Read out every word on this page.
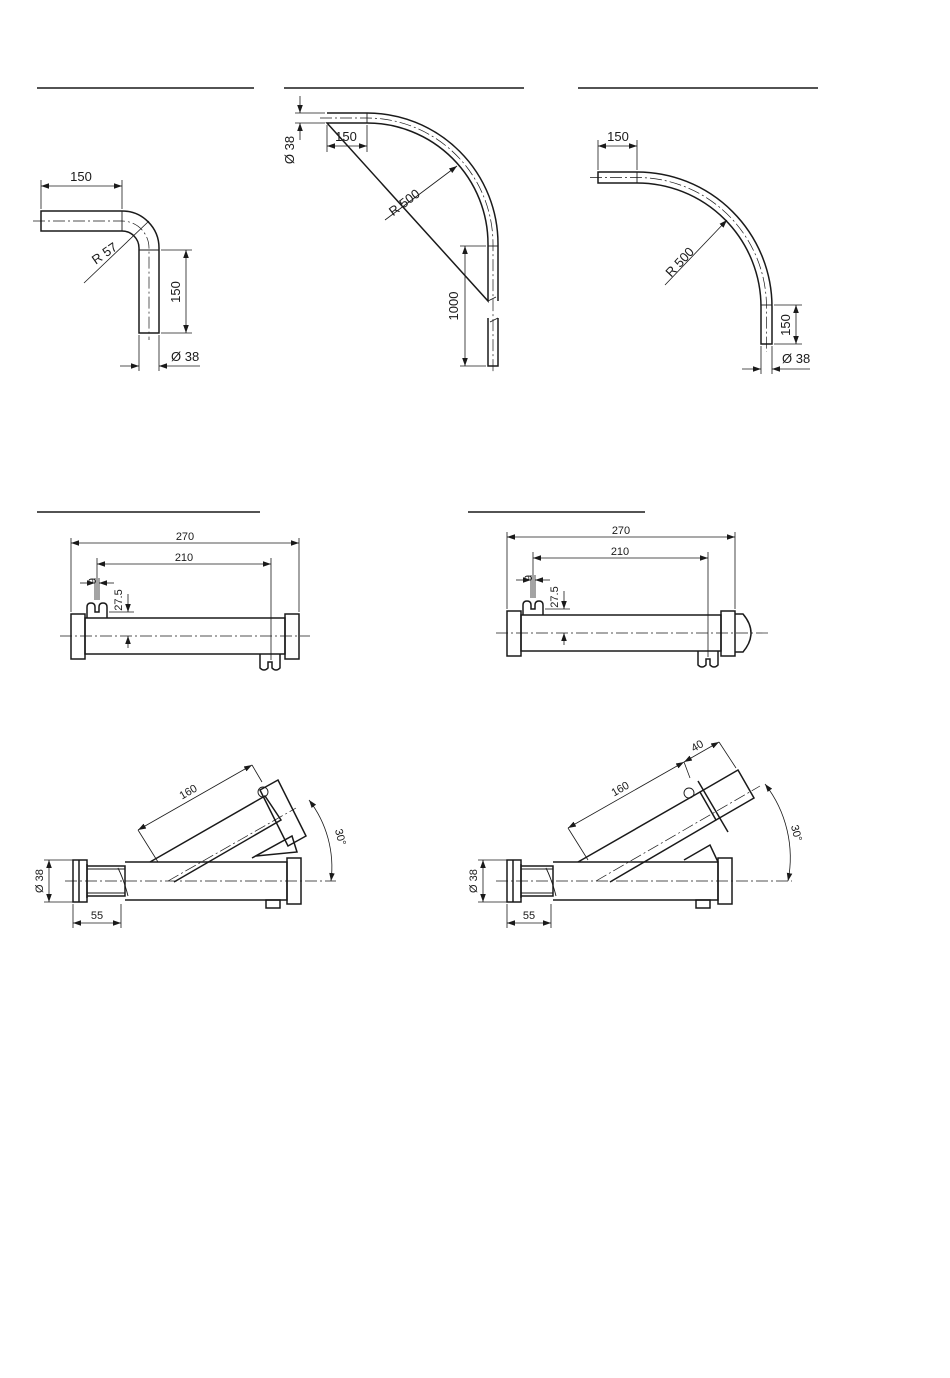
150
R 57
150
Ø 38
Ø 38	150
R 500
1000
150
R 500
150
Ø 38
270
210
9
27.5
270
210
9
27.5
160
30°
Ø 38
55
160
40
30°
Ø 38
55
